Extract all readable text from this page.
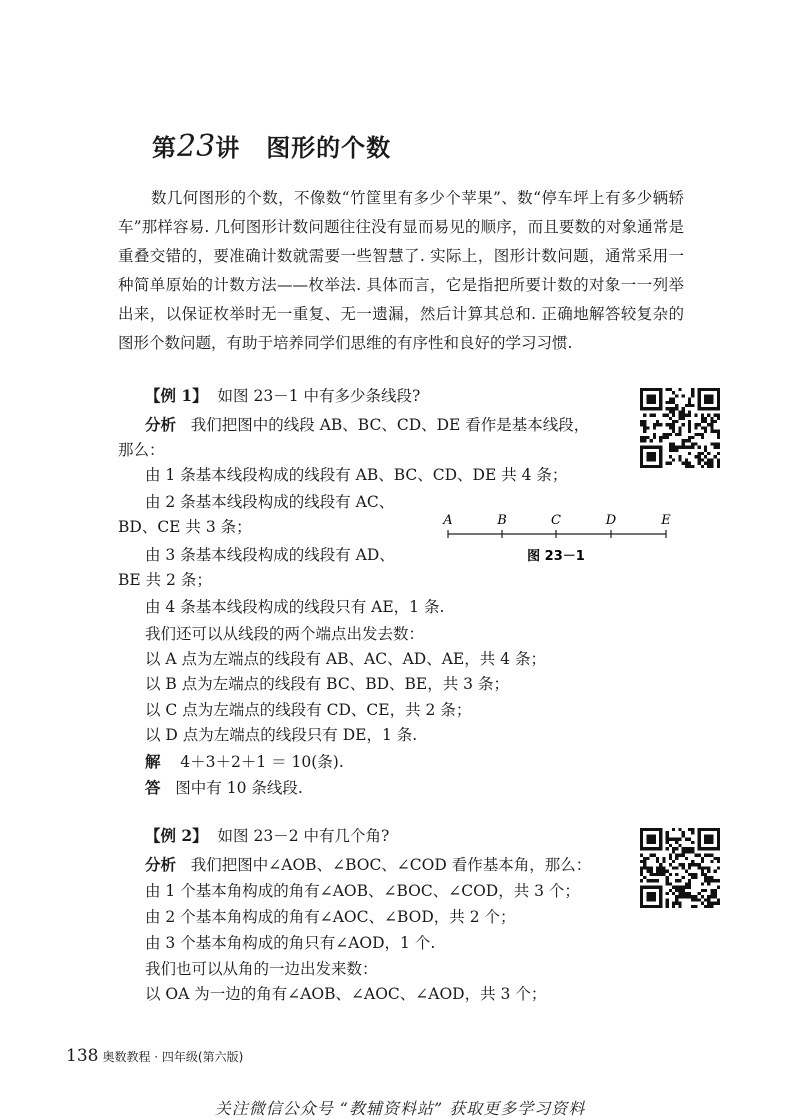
第23讲 图形的个数
数几何图形的个数，不像数“竹筐里有多少个苹果”、数“停车坪上有多少辆轿车”那样容易. 几何图形计数问题往往没有显而易见的顺序，而且要数的对象通常是重叠交错的，要准确计数就需要一些智慧了. 实际上，图形计数问题，通常采用一种简单原始的计数方法——枚举法. 具体而言，它是指把所要计数的对象一一列举出来，以保证枚举时无一重复、无一遗漏，然后计算其总和. 正确地解答较复杂的图形个数问题，有助于培养同学们思维的有序性和良好的学习习惯.
【例 1】 如图 23－1 中有多少条线段?
分析 我们把图中的线段 AB、BC、CD、DE 看作是基本线段，
那么：
由 1 条基本线段构成的线段有 AB、BC、CD、DE 共 4 条；
由 2 条基本线段构成的线段有 AC、
BD、CE 共 3 条；
由 3 条基本线段构成的线段有 AD、
BE 共 2 条；
由 4 条基本线段构成的线段只有 AE，1 条.
我们还可以从线段的两个端点出发去数：
以 A 点为左端点的线段有 AB、AC、AD、AE，共 4 条；
以 B 点为左端点的线段有 BC、BD、BE，共 3 条；
以 C 点为左端点的线段有 CD、CE，共 2 条；
以 D 点为左端点的线段只有 DE，1 条.
解 4＋3＋2＋1 ＝ 10(条).
答 图中有 10 条线段.
A	B	C	D	E
图 23－1
【例 2】 如图 23－2 中有几个角?
分析 我们把图中∠AOB、∠BOC、∠COD 看作基本角，那么：
由 1 个基本角构成的角有∠AOB、∠BOC、∠COD，共 3 个；
由 2 个基本角构成的角有∠AOC、∠BOD，共 2 个；
由 3 个基本角构成的角只有∠AOD，1 个.
我们也可以从角的一边出发来数：
以 OA 为一边的角有∠AOB、∠AOC、∠AOD，共 3 个；
138 奥数教程 · 四年级(第六版)
关注微信公众号 “教辅资料站” 获取更多学习资料
